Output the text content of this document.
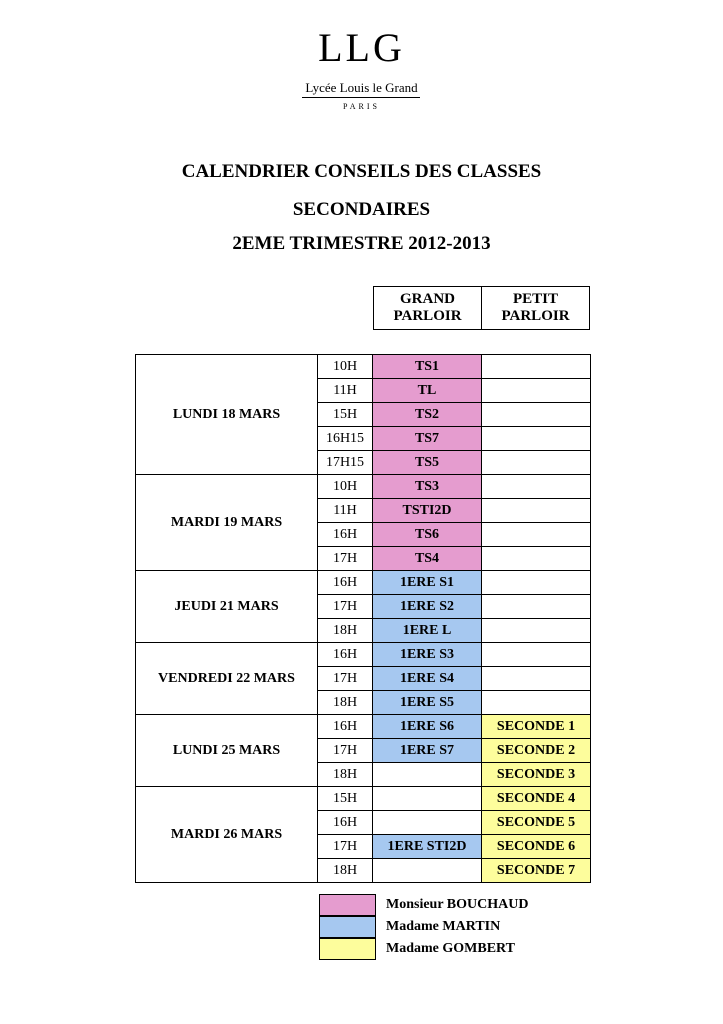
LLG
Lycée Louis le Grand
PARIS
CALENDRIER CONSEILS DES CLASSES
SECONDAIRES
2EME TRIMESTRE 2012-2013
GRAND PARLOIR
PETIT PARLOIR
LUNDI 18 MARS	10H	TS1	
	11H	TL	
	15H	TS2	
	16H15	TS7	
	17H15	TS5	
MARDI 19 MARS	10H	TS3	
	11H	TSTI2D	
	16H	TS6	
	17H	TS4	
JEUDI 21 MARS	16H	1ERE S1	
	17H	1ERE S2	
	18H	1ERE L	
VENDREDI 22 MARS	16H	1ERE S3	
	17H	1ERE S4	
	18H	1ERE S5	
LUNDI 25 MARS	16H	1ERE S6	SECONDE 1
	17H	1ERE S7	SECONDE 2
	18H		SECONDE 3
MARDI 26 MARS	15H		SECONDE 4
	16H		SECONDE 5
	17H	1ERE STI2D	SECONDE 6
	18H		SECONDE 7
Monsieur BOUCHAUD
Madame MARTIN
Madame GOMBERT
